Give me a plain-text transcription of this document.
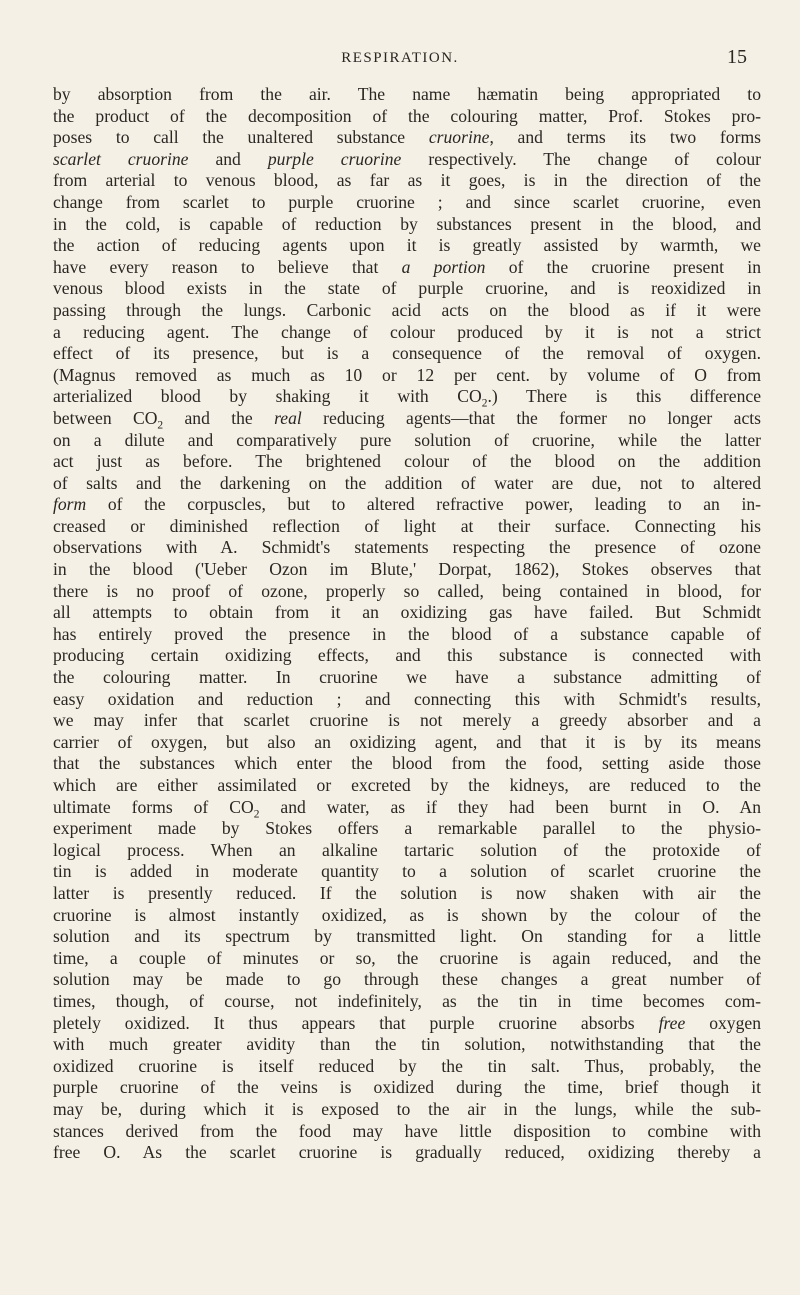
RESPIRATION.	15
by absorption from the air. The name hæmatin being appropriated to
the product of the decomposition of the colouring matter, Prof. Stokes pro-
poses to call the unaltered substance cruorine, and terms its two forms
scarlet cruorine and purple cruorine respectively. The change of colour
from arterial to venous blood, as far as it goes, is in the direction of the
change from scarlet to purple cruorine ; and since scarlet cruorine, even
in the cold, is capable of reduction by substances present in the blood, and
the action of reducing agents upon it is greatly assisted by warmth, we
have every reason to believe that a portion of the cruorine present in
venous blood exists in the state of purple cruorine, and is reoxidized in
passing through the lungs. Carbonic acid acts on the blood as if it were
a reducing agent. The change of colour produced by it is not a strict
effect of its presence, but is a consequence of the removal of oxygen.
(Magnus removed as much as 10 or 12 per cent. by volume of O from
arterialized blood by shaking it with $CO_2$.) There is this difference
between $CO_2$ and the real reducing agents—that the former no longer acts
on a dilute and comparatively pure solution of cruorine, while the latter
act just as before. The brightened colour of the blood on the addition
of salts and the darkening on the addition of water are due, not to altered
form of the corpuscles, but to altered refractive power, leading to an in-
creased or diminished reflection of light at their surface. Connecting his
observations with A. Schmidt's statements respecting the presence of ozone
in the blood ('Ueber Ozon im Blute,' Dorpat, 1862), Stokes observes that
there is no proof of ozone, properly so called, being contained in blood, for
all attempts to obtain from it an oxidizing gas have failed. But Schmidt
has entirely proved the presence in the blood of a substance capable of
producing certain oxidizing effects, and this substance is connected with
the colouring matter. In cruorine we have a substance admitting of
easy oxidation and reduction ; and connecting this with Schmidt's results,
we may infer that scarlet cruorine is not merely a greedy absorber and a
carrier of oxygen, but also an oxidizing agent, and that it is by its means
that the substances which enter the blood from the food, setting aside those
which are either assimilated or excreted by the kidneys, are reduced to the
ultimate forms of $CO_2$ and water, as if they had been burnt in O. An
experiment made by Stokes offers a remarkable parallel to the physio-
logical process. When an alkaline tartaric solution of the protoxide of
tin is added in moderate quantity to a solution of scarlet cruorine the
latter is presently reduced. If the solution is now shaken with air the
cruorine is almost instantly oxidized, as is shown by the colour of the
solution and its spectrum by transmitted light. On standing for a little
time, a couple of minutes or so, the cruorine is again reduced, and the
solution may be made to go through these changes a great number of
times, though, of course, not indefinitely, as the tin in time becomes com-
pletely oxidized. It thus appears that purple cruorine absorbs free oxygen
with much greater avidity than the tin solution, notwithstanding that the
oxidized cruorine is itself reduced by the tin salt. Thus, probably, the
purple cruorine of the veins is oxidized during the time, brief though it
may be, during which it is exposed to the air in the lungs, while the sub-
stances derived from the food may have little disposition to combine with
free O. As the scarlet cruorine is gradually reduced, oxidizing thereby a
